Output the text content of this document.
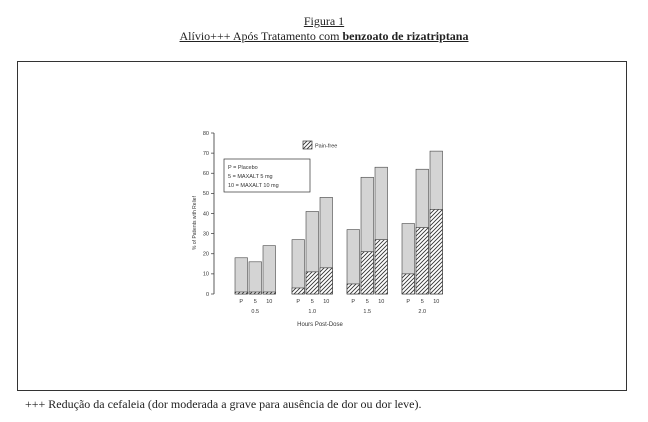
Figura 1
Alívio+++ Após Tratamento com benzoato de rizatriptana
0
10
20
30
40
50
60
70
80
P 5 10
0.5
P 5 10
1.0
P 5 10
1.5
P 5 10
2.0
% of Patients with Relief
Hours Post-Dose
Pain-free
P = Placebo
5 = MAXALT 5 mg
10 = MAXALT 10 mg
+++ Redução da cefaleia (dor moderada a grave para ausência de dor ou dor leve).
